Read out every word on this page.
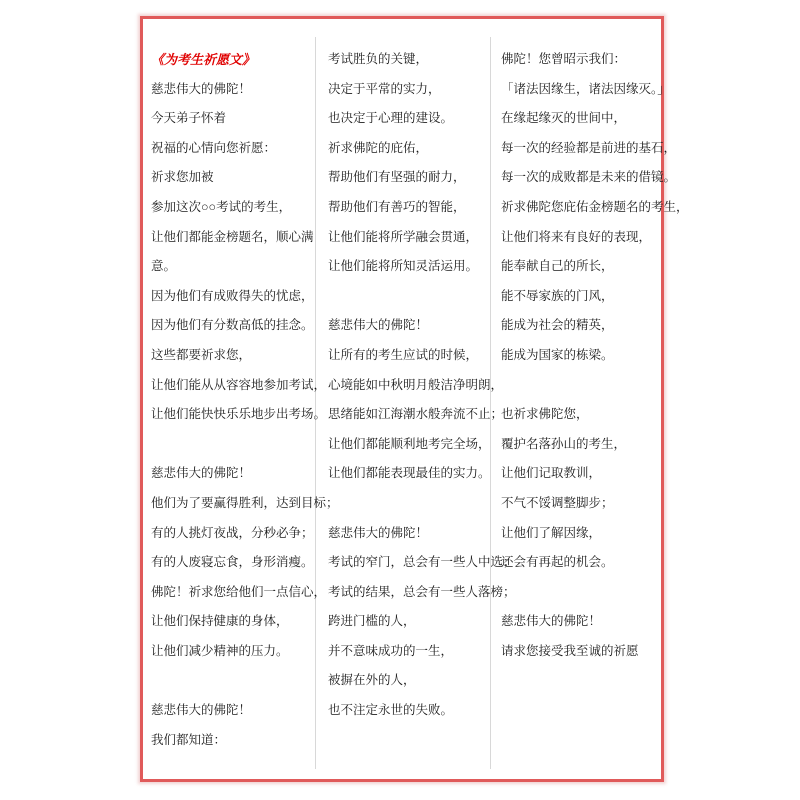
《为考生祈愿文》
慈悲伟大的佛陀！
今天弟子怀着
祝福的心情向您祈愿：
祈求您加被
参加这次○○考试的考生，
让他们都能金榜题名，顺心满
意。
因为他们有成败得失的忧虑，
因为他们有分数高低的挂念。
这些都要祈求您，
让他们能从从容容地参加考试，
让他们能快快乐乐地步出考场。
慈悲伟大的佛陀！
他们为了要赢得胜利，达到目标；
有的人挑灯夜战，分秒必争；
有的人废寝忘食，身形消瘦。
佛陀！祈求您给他们一点信心，
让他们保持健康的身体，
让他们减少精神的压力。
慈悲伟大的佛陀！
我们都知道：
考试胜负的关键，
决定于平常的实力，
也决定于心理的建设。
祈求佛陀的庇佑，
帮助他们有坚强的耐力，
帮助他们有善巧的智能，
让他们能将所学融会贯通，
让他们能将所知灵活运用。
慈悲伟大的佛陀！
让所有的考生应试的时候，
心境能如中秋明月般洁净明朗，
思绪能如江海潮水般奔流不止；
让他们都能顺利地考完全场，
让他们都能表现最佳的实力。
慈悲伟大的佛陀！
考试的窄门，总会有一些人中选；
考试的结果，总会有一些人落榜；
跨进门槛的人，
并不意味成功的一生，
被摒在外的人，
也不注定永世的失败。
佛陀！您曾昭示我们：
「诸法因缘生，诸法因缘灭。」
在缘起缘灭的世间中，
每一次的经验都是前进的基石，
每一次的成败都是未来的借镜。
祈求佛陀您庇佑金榜题名的考生，
让他们将来有良好的表现，
能奉献自己的所长，
能不辱家族的门风，
能成为社会的精英，
能成为国家的栋梁。
也祈求佛陀您，
覆护名落孙山的考生，
让他们记取教训，
不气不馁调整脚步；
让他们了解因缘，
还会有再起的机会。
慈悲伟大的佛陀！
请求您接受我至诚的祈愿
